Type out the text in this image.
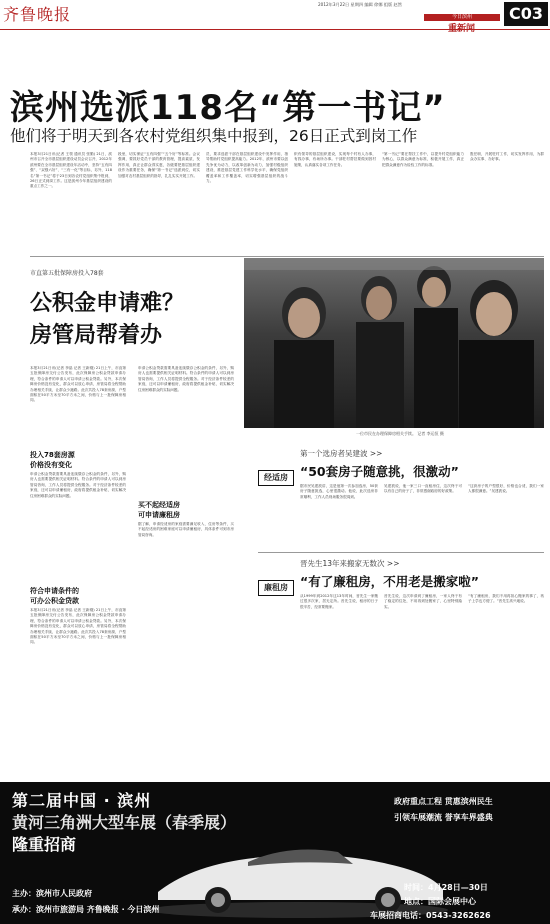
齐鲁晚报
2012年3月22日 星期四 编辑 徐娜 组版 赵然
今日滨州
重新闻
C03
滨州选派118名“第一书记”
他们将于明天到各农村党组织集中报到，26日正式到岗工作
本报3月21日讯(记者 王领 通讯员 张勤) 21日，滨州市召开全市基层组织建设动员会议召开，2012年滨州要在全市基层组织建设年活动中，坚持“五有四强”、“双强六好”、“三有一化”等目标，另外，118名“第一书记”将于23日到各农村党组织集中报到，26日正式到岗工作。这是滨州今年基层组织建设的重点工作之一。
段里，切实保证“五有四强”“五个好”等标准。会议强调，要抓好党员干部的教育管理，提高素质，发挥作用，真正让群众得实惠，各级要把基层组织建设作为重要任务，确保“第一书记”选派到位，切实加强对农村基层组织的指导，扎扎实实开展工作。
员，要求选派干部在基层组织建设中发挥作用，指导帮助村党组织提高能力。2012年，滨州市要以创先争优为动力，以改革创新为动力，加强村级组织建设，推进基层党建工作科学化水平，确保党组织覆盖率和工作覆盖率，切实增强基层组织的战斗力。
织有领导的基层组织建设，实现每个村有人办事，有钱办事，有场所办事。干部驻村帮扶要做到因村施策，认真落实各项工作任务。
“第一书记”要在帮扶工作中，以提升村党组织能力为核心，以群众满意为标准，积极开展工作，真正把群众满意作为检验工作的标准。
胜任职，开展驻村工作，切实发挥作用，为群众办实事、办好事。
市直第五批保障房投入78套
公积金申请难？
房管局帮着办
本报3月21日讯(记者 李晶 记者 王新刚) 21日上午，市直第五批保障房交付公告发布，此次保障房公积金贷款申请办理，符合条件的申请人可以申请公积金贷款。另外，本次保障房价格没有变化，群众可以放心申请，房管局将全程帮助办理相关手续，让群众少跑路。此次共投入78套房源，户型面积在50平方米至70平方米之间，价格与上一批保障房相同。
投入78套房源
价格没有变化
申请公积金贷款需要具备连续缴存公积金的条件，另外，购房人也需要提供相关证明材料。符合条件的申请人可以到房管局咨询，工作人员将提供全程服务。对于经济条件较差的家庭，还可以申请廉租房，政府将提供租金补贴，切实解决住房困难群众的实际问题。
符合申请条件的
可办公积金贷款
本报3月21日讯(记者 李晶 记者 王新刚) 21日上午，市直第五批保障房交付公告发布，此次保障房公积金贷款申请办理，符合条件的申请人可以申请公积金贷款。另外，本次保障房价格没有变化，群众可以放心申请，房管局将全程帮助办理相关手续，让群众少跑路。此次共投入78套房源，户型面积在50平方米至70平方米之间，价格与上一批保障房相同。
申请公积金贷款需要具备连续缴存公积金的条件，另外，购房人也需要提供相关证明材料。符合条件的申请人可以到房管局咨询，工作人员将提供全程服务。对于经济条件较差的家庭，还可以申请廉租房，政府将提供租金补贴，切实解决住房困难群众的实际问题。
买不起经适房
可申请廉租房
据了解，申请经适房的家庭需要满足收入、住房等条件，买不起经适房的困难家庭可以申请廉租房，具体条件可到市房管局咨询。
一位市民在办理保障房相关手续。 记者 李运恒 摄
经适房
第一个选房者吴建波 >>
“50套房子随意挑，很激动”
据市民吴建波讲，这是他第一次参加选房，50套房子随意挑选，心里很激动。他说，此次选房非常顺利，工作人员现场服务很周到。
吴建波说，他一家三口一直租房住，这次终于可以有自己的房子了，非常感谢政府的好政策。
“这套房子的户型很好，价格也合适，我们一家人都很满意。”吴建波说。
廉租房
晋先生13年来搬家无数次 >>
“有了廉租房，不用老是搬家啦”
从1999年到2012年这13年时间，晋先生一家搬过很多次家，居无定所。晋先生说，租房的日子很辛苦，经常要搬家。
晋先生说，这次申请到了廉租房，一家人终于有了稳定的住处，不用再到处搬家了，心里特别踏实。
“有了廉租房，我们不用再担心搬家的事了，孩子上学也方便了。”晋先生高兴地说。
第二届中国 · 滨州
黄河三角洲大型车展（春季展）
隆重招商
政府重点工程 贯惠滨州民生
引领车展潮流 誉享车界盛典
主办：滨州市人民政府
承办：滨州市旅游局 齐鲁晚报 · 今日滨州
时间：4月28日—30日
地点：国际会展中心
车展招商电话：0543-3262626
